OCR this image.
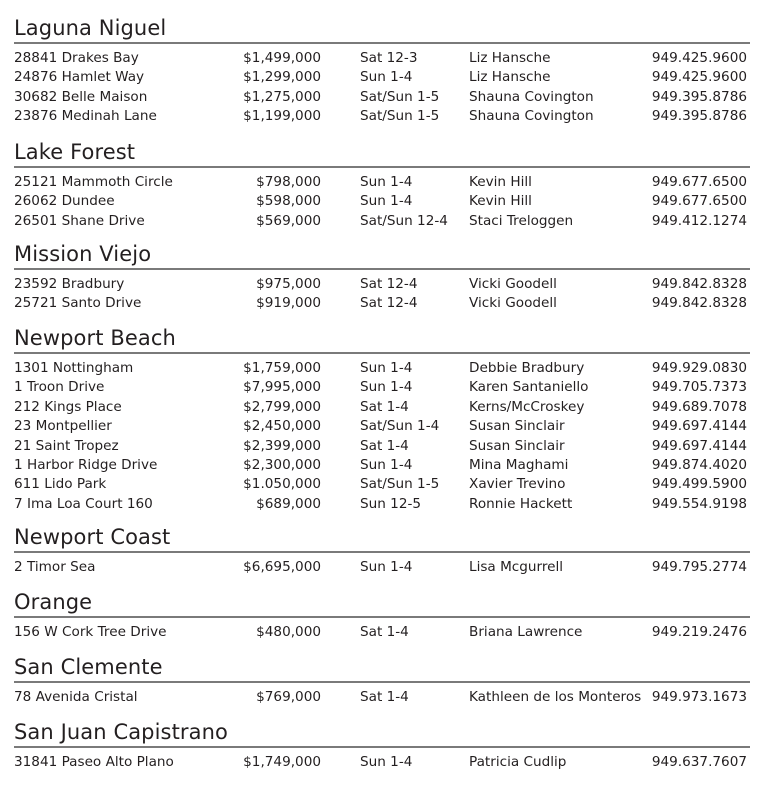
Laguna Niguel
28841 Drakes Bay	$1,499,000	Sat 12-3	Liz Hansche	949.425.9600
24876 Hamlet Way	$1,299,000	Sun 1-4	Liz Hansche	949.425.9600
30682 Belle Maison	$1,275,000	Sat/Sun 1-5 Shauna Covington	949.395.8786
23876 Medinah Lane	$1,199,000	Sat/Sun 1-5 Shauna Covington	949.395.8786
Lake Forest
25121 Mammoth Circle	$798,000	Sun 1-4	Kevin Hill	949.677.6500
26062 Dundee	$598,000	Sun 1-4	Kevin Hill	949.677.6500
26501 Shane Drive	$569,000	Sat/Sun 12-4 Staci Treloggen	949.412.1274
Mission Viejo
23592 Bradbury	$975,000	Sat 12-4	Vicki Goodell	949.842.8328
25721 Santo Drive	$919,000	Sat 12-4	Vicki Goodell	949.842.8328
Newport Beach
1301 Nottingham	$1,759,000	Sun 1-4	Debbie Bradbury	949.929.0830
1 Troon Drive	$7,995,000	Sun 1-4	Karen Santaniello	949.705.7373
212 Kings Place	$2,799,000	Sat 1-4	Kerns/McCroskey	949.689.7078
23 Montpellier	$2,450,000	Sat/Sun 1-4 Susan Sinclair	949.697.4144
21 Saint Tropez	$2,399,000	Sat 1-4	Susan Sinclair	949.697.4144
1 Harbor Ridge Drive	$2,300,000	Sun 1-4	Mina Maghami	949.874.4020
611 Lido Park	$1.050,000	Sat/Sun 1-5 Xavier Trevino	949.499.5900
7 Ima Loa Court 160	$689,000	Sun 12-5	Ronnie Hackett	949.554.9198
Newport Coast
2 Timor Sea	$6,695,000	Sun 1-4	Lisa Mcgurrell	949.795.2774
Orange
156 W Cork Tree Drive	$480,000	Sat 1-4	Briana Lawrence	949.219.2476
San Clemente
78 Avenida Cristal	$769,000	Sat 1-4	Kathleen de los Monteros 949.973.1673
San Juan Capistrano
31841 Paseo Alto Plano	$1,749,000	Sun 1-4	Patricia Cudlip	949.637.7607
